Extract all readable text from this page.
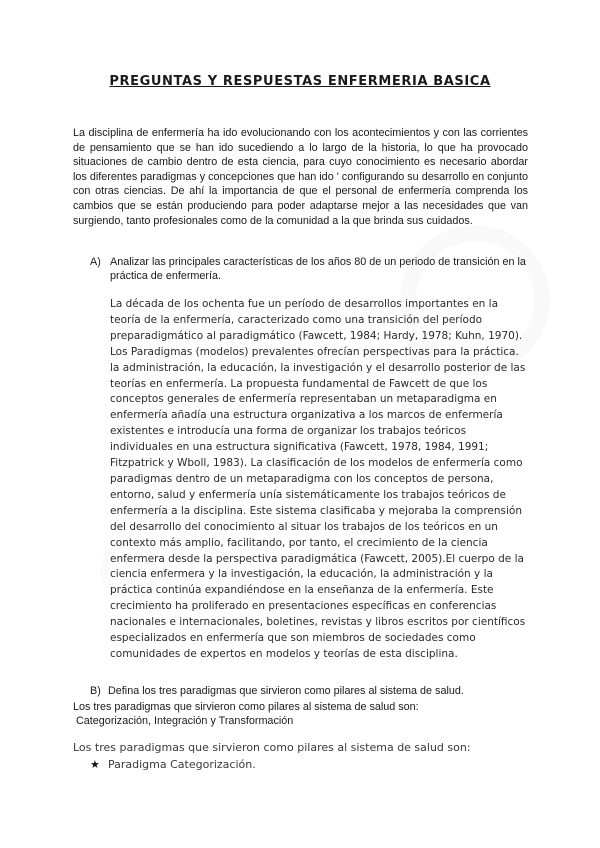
PREGUNTAS Y RESPUESTAS ENFERMERIA BASICA

La disciplina de enfermería ha ido evolucionando con los acontecimientos y con las corrientes de pensamiento que se han ido sucediendo a lo largo de la historia, lo que ha provocado situaciones de cambio dentro de esta ciencia, para cuyo conocimiento es necesario abordar los diferentes paradigmas y concepciones que han ido ' configurando su desarrollo en conjunto con otras ciencias. De ahí la importancia de que el personal de enfermería comprenda los cambios que se están produciendo para poder adaptarse mejor a las necesidades que van surgiendo, tanto profesionales como de la comunidad a la que brinda sus cuidados.

A) Analizar las principales características de los años 80 de un periodo de transición en la práctica de enfermería.

La década de los ochenta fue un período de desarrollos importantes en la teoría de la enfermería, caracterizado como una transición del período preparadigmático al paradigmático (Fawcett, 1984; Hardy, 1978; Kuhn, 1970). Los Paradigmas (modelos) prevalentes ofrecían perspectivas para la práctica. la administración, la educación, la investigación y el desarrollo posterior de las teorías en enfermería. La propuesta fundamental de Fawcett de que los conceptos generales de enfermería representaban un metaparadigma en enfermería añadía una estructura organizativa a los marcos de enfermería existentes e introducía una forma de organizar los trabajos teóricos individuales en una estructura significativa (Fawcett, 1978, 1984, 1991; Fitzpatrick y Wboll, 1983). La clasificación de los modelos de enfermería como paradigmas dentro de un metaparadigma con los conceptos de persona, entorno, salud y enfermería unía sistemáticamente los trabajos teóricos de enfermería a la disciplina. Este sistema clasificaba y mejoraba la comprensión del desarrollo del conocimiento al situar los trabajos de los teóricos en un contexto más amplio, facilitando, por tanto, el crecimiento de la ciencia enfermera desde la perspectiva paradigmática (Fawcett, 2005).El cuerpo de la ciencia enfermera y la investigación, la educación, la administración y la práctica continúa expandiéndose en la enseñanza de la enfermería. Este crecimiento ha proliferado en presentaciones específicas en conferencias nacionales e internacionales, boletines, revistas y libros escritos por científicos especializados en enfermería que son miembros de sociedades como comunidades de expertos en modelos y teorías de esta disciplina.

B) Defina los tres paradigmas que sirvieron como pilares al sistema de salud.
Los tres paradigmas que sirvieron como pilares al sistema de salud son:
Categorización, Integración y Transformación
Los tres paradigmas que sirvieron como pilares al sistema de salud son:
★ Paradigma Categorización.
